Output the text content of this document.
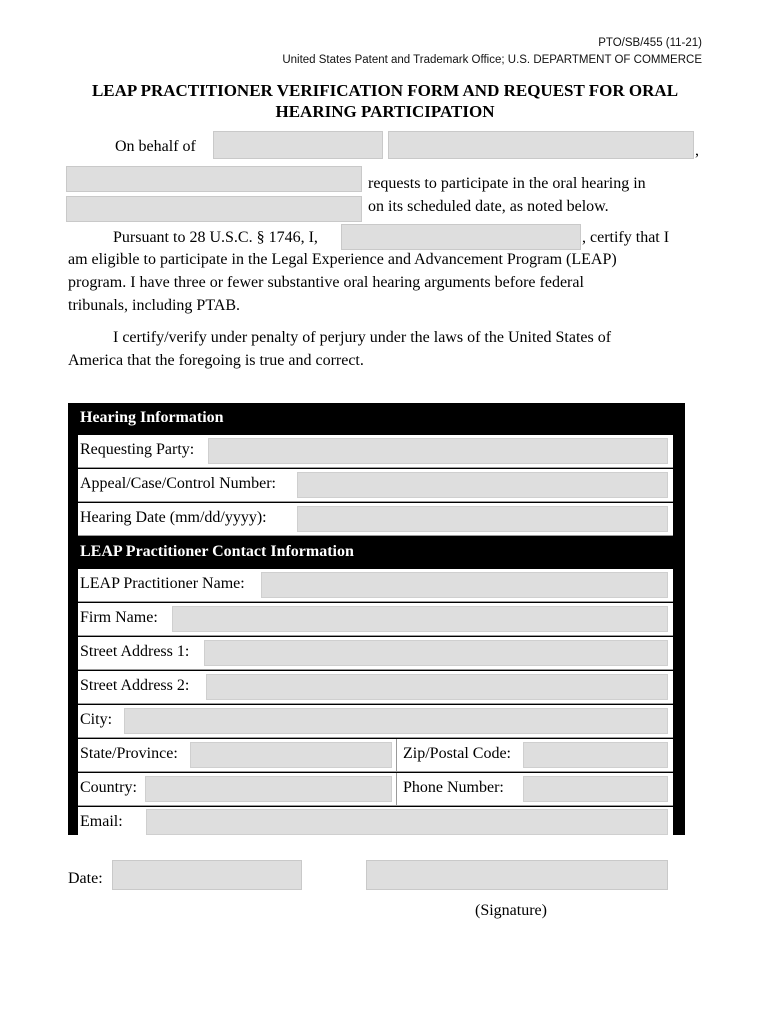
PTO/SB/455 (11-21)
United States Patent and Trademark Office; U.S. DEPARTMENT OF COMMERCE
LEAP PRACTITIONER VERIFICATION FORM AND REQUEST FOR ORAL
HEARING PARTICIPATION
On behalf of	,
requests to participate in the oral hearing in
on its scheduled date, as noted below.
Pursuant to 28 U.S.C. § 1746, I,	, certify that I
am eligible to participate in the Legal Experience and Advancement Program (LEAP)
program. I have three or fewer substantive oral hearing arguments before federal
tribunals, including PTAB.
I certify/verify under penalty of perjury under the laws of the United States of
America that the foregoing is true and correct.
Hearing Information
Requesting Party:
Appeal/Case/Control Number:
Hearing Date (mm/dd/yyyy):
LEAP Practitioner Contact Information
LEAP Practitioner Name:
Firm Name:
Street Address 1:
Street Address 2:
City:
State/Province:	Zip/Postal Code:
Country:	Phone Number:
Email:
Date:
(Signature)
